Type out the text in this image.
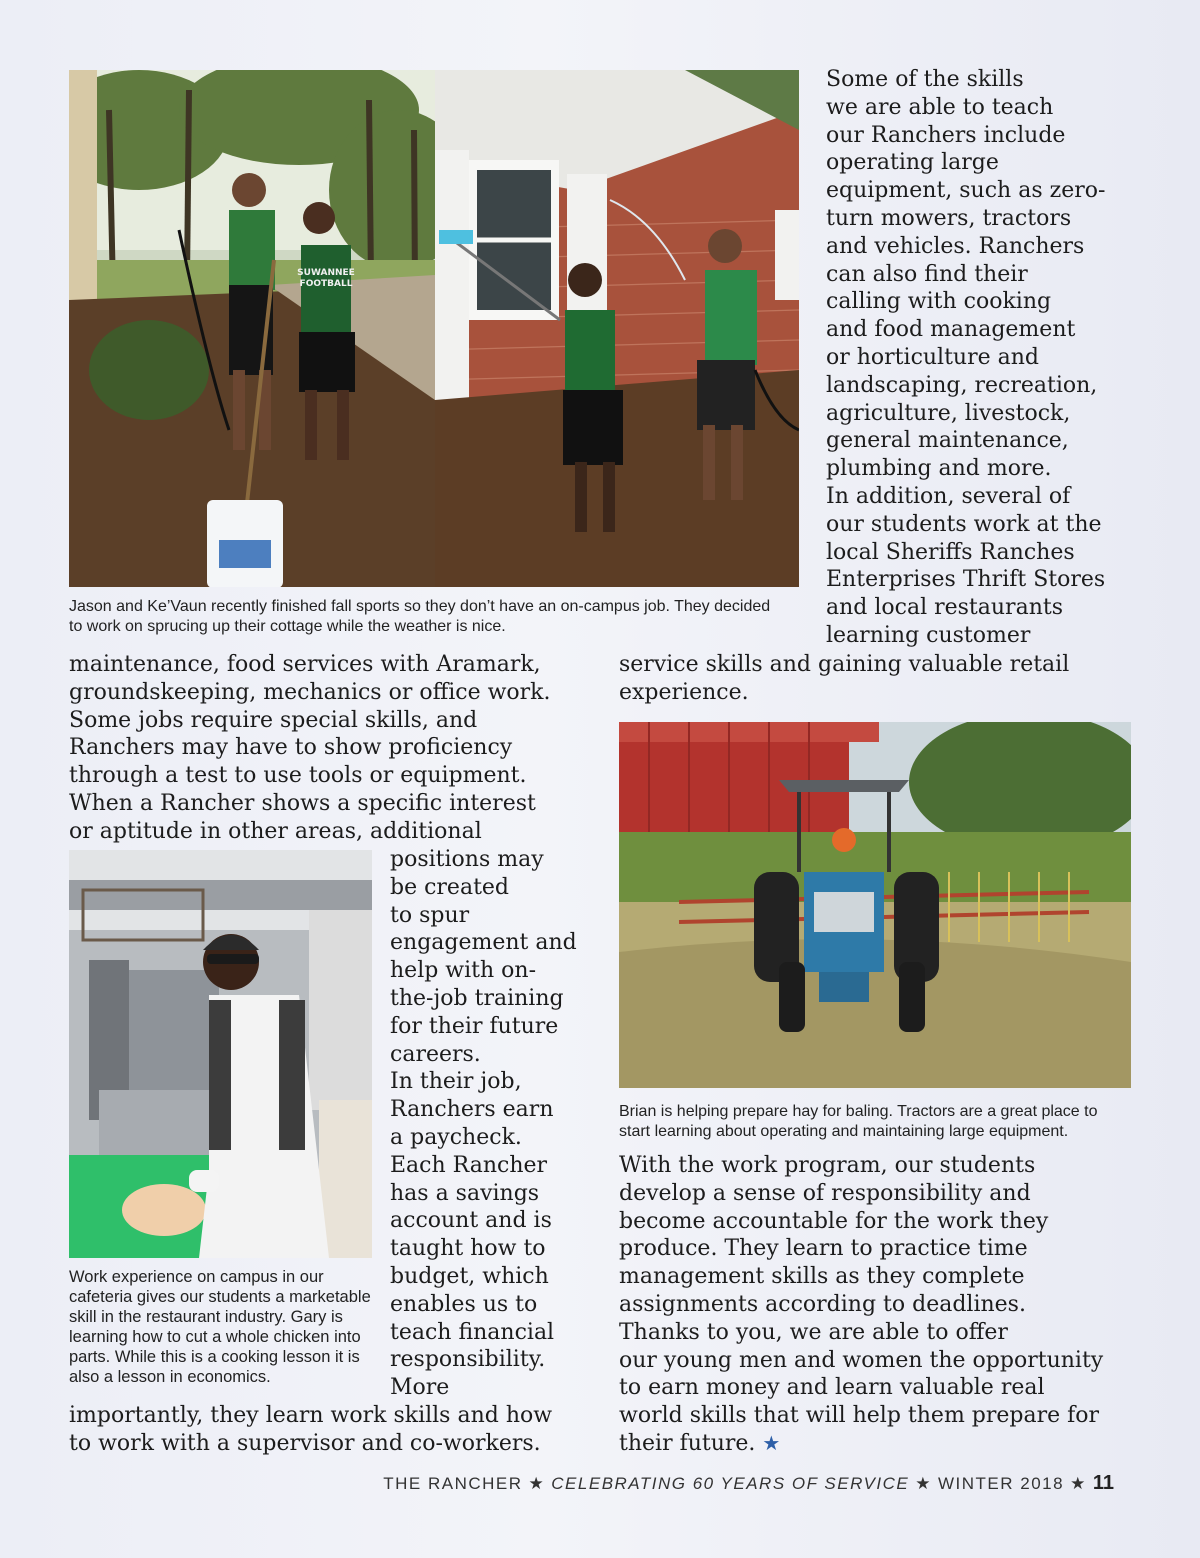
SUWANNEE
FOOTBALL

Some of the skills
we are able to teach
our Ranchers include
operating large
equipment, such as zero-
turn mowers, tractors
and vehicles. Ranchers
can also find their
calling with cooking
and food management
or horticulture and
landscaping, recreation,
agriculture, livestock,
general maintenance,
plumbing and more.
In addition, several of
our students work at the
local Sheriffs Ranches
Enterprises Thrift Stores
and local restaurants
learning customer

Jason and Ke’Vaun recently finished fall sports so they don’t have an on-campus job. They decided
to work on sprucing up their cottage while the weather is nice.

maintenance, food services with Aramark,
groundskeeping, mechanics or office work.
Some jobs require special skills, and
Ranchers may have to show proficiency
through a test to use tools or equipment.
When a Rancher shows a specific interest
or aptitude in other areas, additional

service skills and gaining valuable retail
experience.

positions may
be created
to spur
engagement and
help with on-
the-job training
for their future
careers.
In their job,
Ranchers earn
a paycheck.
Each Rancher
has a savings
account and is
taught how to
budget, which
enables us to
teach financial
responsibility.
More

Work experience on campus in our
cafeteria gives our students a marketable
skill in the restaurant industry. Gary is
learning how to cut a whole chicken into
parts. While this is a cooking lesson it is
also a lesson in economics.

Brian is helping prepare hay for baling. Tractors are a great place to
start learning about operating and maintaining large equipment.

importantly, they learn work skills and how
to work with a supervisor and co-workers.

With the work program, our students
develop a sense of responsibility and
become accountable for the work they
produce. They learn to practice time
management skills as they complete
assignments according to deadlines.
Thanks to you, we are able to offer
our young men and women the opportunity
to earn money and learn valuable real
world skills that will help them prepare for
their future. ★

THE RANCHER ★ CELEBRATING 60 YEARS OF SERVICE ★ WINTER 2018 ★ 11
